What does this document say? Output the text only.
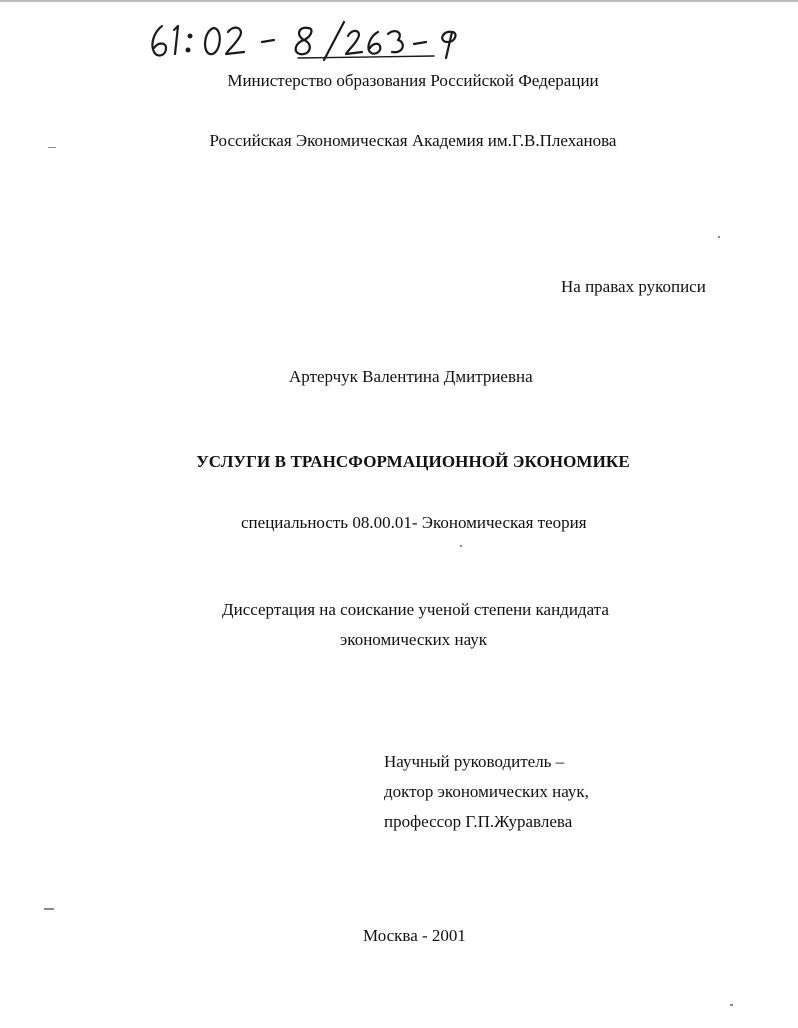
Министерство образования Российской Федерации
Российская Экономическая Академия им.Г.В.Плеханова
На правах рукописи
Артерчук Валентина Дмитриевна
УСЛУГИ В ТРАНСФОРМАЦИОННОЙ ЭКОНОМИКЕ
специальность 08.00.01- Экономическая теория
Диссертация на соискание ученой степени кандидата
экономических наук
Научный руководитель –
доктор экономических наук,
профессор Г.П.Журавлева
Москва - 2001
